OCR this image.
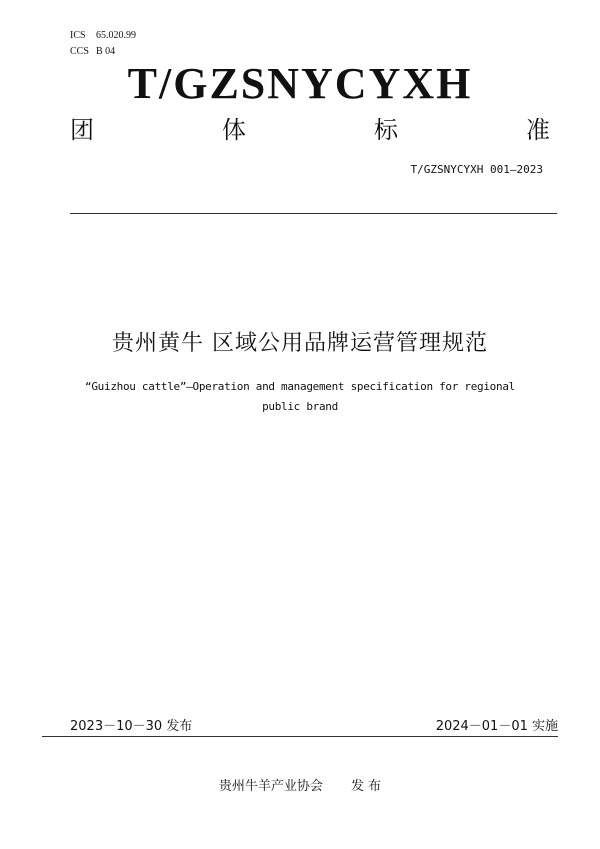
ICS 65.020.99
CCS B 04
T/GZSNYCYXH
团	体	标	准
T/GZSNYCYXH 001—2023
贵州黄牛 区域公用品牌运营管理规范
“Guizhou cattle”—Operation and management specification for regional
public brand
2023－10－30 发布	2024－01－01 实施
贵州牛羊产业协会 发 布
